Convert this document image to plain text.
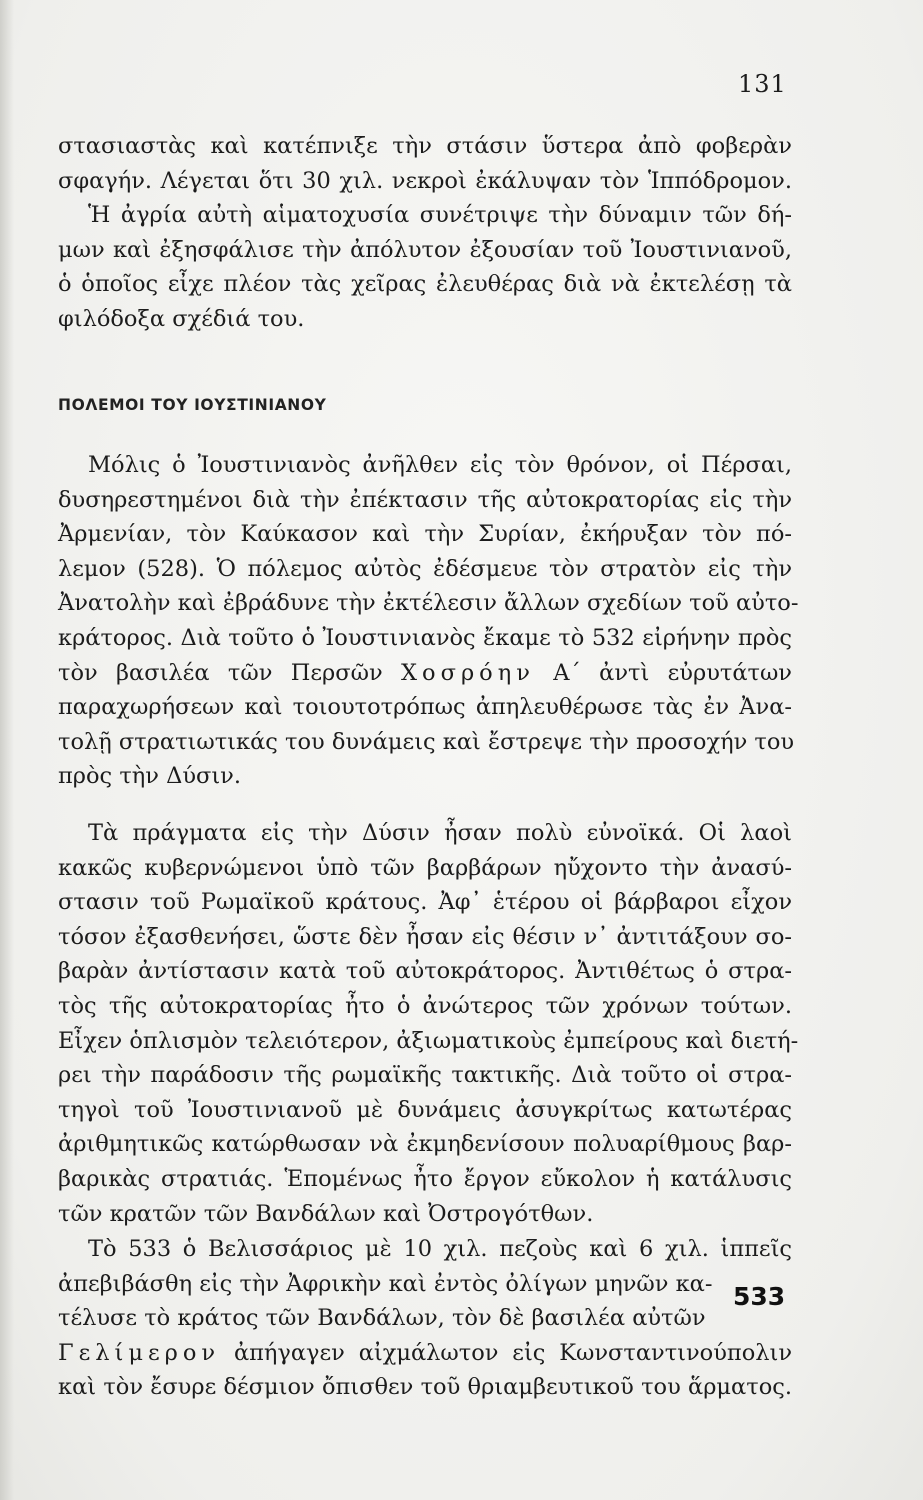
131
στασιαστὰς καὶ κατέπνιξε τὴν στάσιν ὕστερα ἀπὸ φοβερὰν
σφαγήν. Λέγεται ὅτι 30 χιλ. νεκροὶ ἐκάλυψαν τὸν Ἱππόδρομον.
Ἡ ἀγρία αὐτὴ αἱματοχυσία συνέτριψε τὴν δύναμιν τῶν δή-
μων καὶ ἐξησφάλισε τὴν ἀπόλυτον ἐξουσίαν τοῦ Ἰουστινιανοῦ,
ὁ ὁποῖος εἶχε πλέον τὰς χεῖρας ἐλευθέρας διὰ νὰ ἐκτελέσῃ τὰ
φιλόδοξα σχέδιά του.
ΠΟΛΕΜΟΙ ΤΟΥ ΙΟΥΣΤΙΝΙΑΝΟΥ
Μόλις ὁ Ἰουστινιανὸς ἀνῆλθεν εἰς τὸν θρόνον, οἱ Πέρσαι,
δυσηρεστημένοι διὰ τὴν ἐπέκτασιν τῆς αὐτοκρατορίας εἰς τὴν
Ἀρμενίαν, τὸν Καύκασον καὶ τὴν Συρίαν, ἐκήρυξαν τὸν πό-
λεμον (528). Ὁ πόλεμος αὐτὸς ἐδέσμευε τὸν στρατὸν εἰς τὴν
Ἀνατολὴν καὶ ἐβράδυνε τὴν ἐκτέλεσιν ἄλλων σχεδίων τοῦ αὐτο-
κράτορος. Διὰ τοῦτο ὁ Ἰουστινιανὸς ἔκαμε τὸ 532 εἰρήνην πρὸς
τὸν βασιλέα τῶν Περσῶν Χοσρόην Α΄ ἀντὶ εὐρυτάτων
παραχωρήσεων καὶ τοιουτοτρόπως ἀπηλευθέρωσε τὰς ἐν Ἀνα-
τολῇ στρατιωτικάς του δυνάμεις καὶ ἔστρεψε τὴν προσοχήν του
πρὸς τὴν Δύσιν.
Τὰ πράγματα εἰς τὴν Δύσιν ἦσαν πολὺ εὐνοϊκά. Οἱ λαοὶ
κακῶς κυβερνώμενοι ὑπὸ τῶν βαρβάρων ηὔχοντο τὴν ἀνασύ-
στασιν τοῦ Ρωμαϊκοῦ κράτους. Ἀφ᾽ ἑτέρου οἱ βάρβαροι εἶχον
τόσον ἐξασθενήσει, ὥστε δὲν ἦσαν εἰς θέσιν ν᾽ ἀντιτάξουν σο-
βαρὰν ἀντίστασιν κατὰ τοῦ αὐτοκράτορος. Ἀντιθέτως ὁ στρα-
τὸς τῆς αὐτοκρατορίας ἦτο ὁ ἀνώτερος τῶν χρόνων τούτων.
Εἶχεν ὁπλισμὸν τελειότερον, ἀξιωματικοὺς ἐμπείρους καὶ διετή-
ρει τὴν παράδοσιν τῆς ρωμαϊκῆς τακτικῆς. Διὰ τοῦτο οἱ στρα-
τηγοὶ τοῦ Ἰουστινιανοῦ μὲ δυνάμεις ἀσυγκρίτως κατωτέρας
ἀριθμητικῶς κατώρθωσαν νὰ ἐκμηδενίσουν πολυαρίθμους βαρ-
βαρικὰς στρατιάς. Ἑπομένως ἦτο ἔργον εὔκολον ἡ κατάλυσις
τῶν κρατῶν τῶν Βανδάλων καὶ Ὀστρογότθων.
Τὸ 533 ὁ Βελισσάριος μὲ 10 χιλ. πεζοὺς καὶ 6 χιλ. ἱππεῖς
ἀπεβιβάσθη εἰς τὴν Ἀφρικὴν καὶ ἐντὸς ὀλίγων μηνῶν κα-
τέλυσε τὸ κράτος τῶν Βανδάλων, τὸν δὲ βασιλέα αὐτῶν
Γελίμερον ἀπήγαγεν αἰχμάλωτον εἰς Κωνσταντινούπολιν
καὶ τὸν ἔσυρε δέσμιον ὄπισθεν τοῦ θριαμβευτικοῦ του ἅρματος.
533
